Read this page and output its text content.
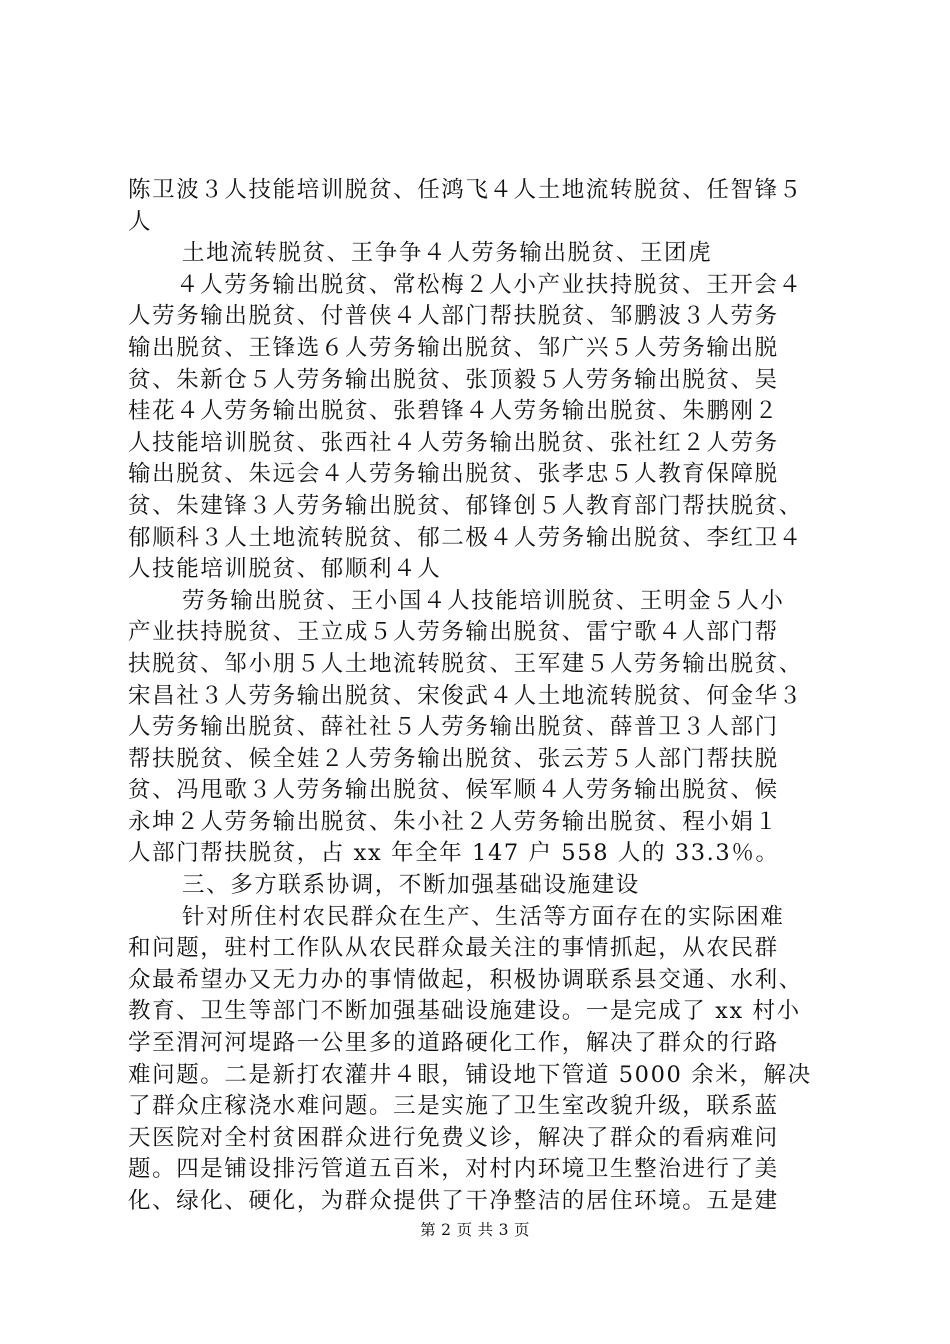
陈卫波３人技能培训脱贫、任鸿飞４人土地流转脱贫、任智锋５
人
土地流转脱贫、王争争４人劳务输出脱贫、王团虎
４人劳务输出脱贫、常松梅２人小产业扶持脱贫、王开会４
人劳务输出脱贫、付普侠４人部门帮扶脱贫、邹鹏波３人劳务
输出脱贫、王锋选６人劳务输出脱贫、邹广兴５人劳务输出脱
贫、朱新仓５人劳务输出脱贫、张顶毅５人劳务输出脱贫、吴
桂花４人劳务输出脱贫、张碧锋４人劳务输出脱贫、朱鹏刚２
人技能培训脱贫、张西社４人劳务输出脱贫、张社红２人劳务
输出脱贫、朱远会４人劳务输出脱贫、张孝忠５人教育保障脱
贫、朱建锋３人劳务输出脱贫、郁锋创５人教育部门帮扶脱贫、
郁顺科３人土地流转脱贫、郁二极４人劳务输出脱贫、李红卫４
人技能培训脱贫、郁顺利４人
劳务输出脱贫、王小国４人技能培训脱贫、王明金５人小
产业扶持脱贫、王立成５人劳务输出脱贫、雷宁歌４人部门帮
扶脱贫、邹小朋５人土地流转脱贫、王军建５人劳务输出脱贫、
宋昌社３人劳务输出脱贫、宋俊武４人土地流转脱贫、何金华３
人劳务输出脱贫、薛社社５人劳务输出脱贫、薛普卫３人部门
帮扶脱贫、候全娃２人劳务输出脱贫、张云芳５人部门帮扶脱
贫、冯甩歌３人劳务输出脱贫、候军顺４人劳务输出脱贫、候
永坤２人劳务输出脱贫、朱小社２人劳务输出脱贫、程小娟１
人部门帮扶脱贫，占 xx 年全年 147 户 558 人的 33.3％。
三、多方联系协调，不断加强基础设施建设
针对所住村农民群众在生产、生活等方面存在的实际困难
和问题，驻村工作队从农民群众最关注的事情抓起，从农民群
众最希望办又无力办的事情做起，积极协调联系县交通、水利、
教育、卫生等部门不断加强基础设施建设。一是完成了 xx 村小
学至渭河河堤路一公里多的道路硬化工作，解决了群众的行路
难问题。二是新打农灌井４眼，铺设地下管道 5000 余米，解决
了群众庄稼浇水难问题。三是实施了卫生室改貌升级，联系蓝
天医院对全村贫困群众进行免费义诊，解决了群众的看病难问
题。四是铺设排污管道五百米，对村内环境卫生整治进行了美
化、绿化、硬化，为群众提供了干净整洁的居住环境。五是建
第 2 页 共 3 页
